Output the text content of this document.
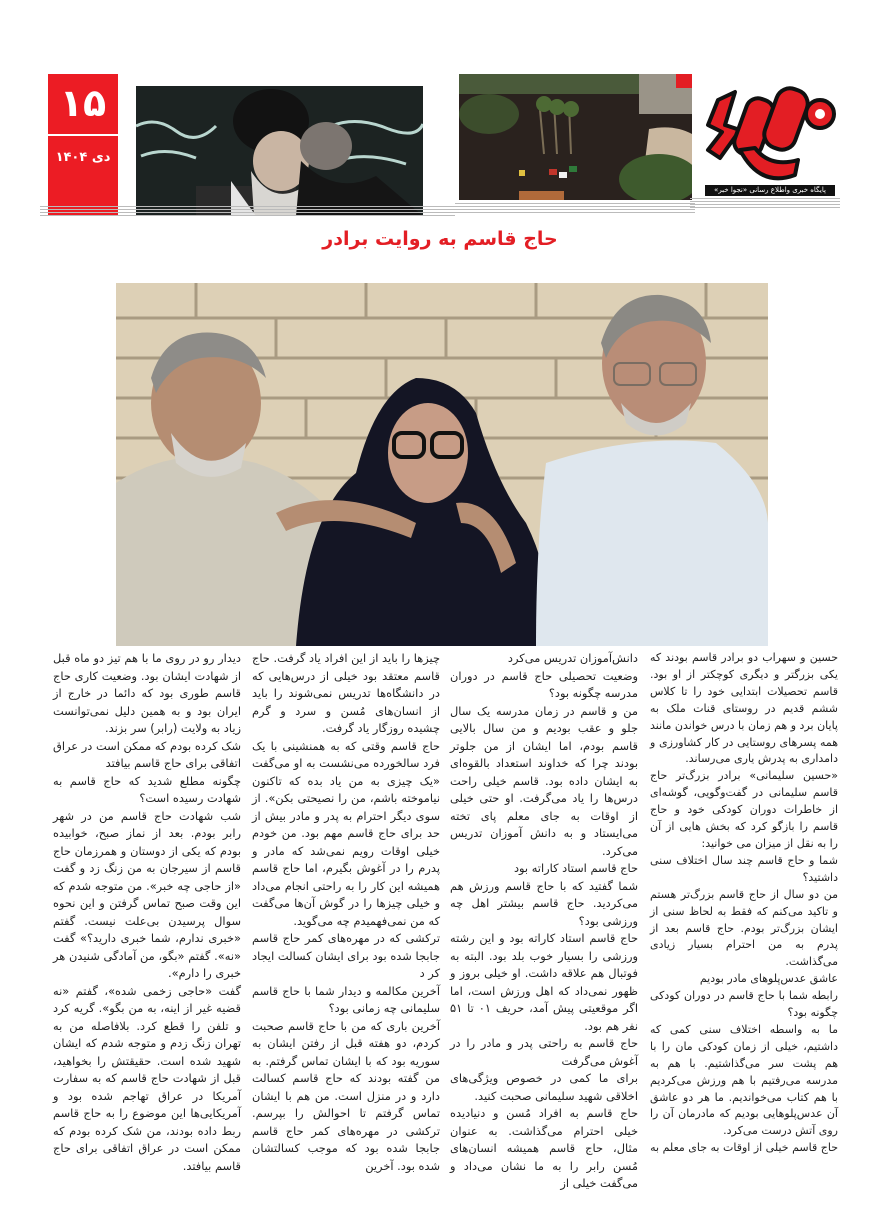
۱۵
دی ۱۴۰۴
پایگاه خبری واطلاع رسانی «نجوا خبر»
حاج قاسم به روایت برادر

حسین و سهراب دو برادر قاسم بودند که یکی بزرگتر و دیگری کوچکتر از او بود. قاسم تحصیلات ابتدایی خود را تا کلاس ششم قدیم در روستای قنات ملک به پایان برد و هم زمان با درس خواندن مانند همه پسرهای روستایی در کار کشاورزی و دامداری به پدرش یاری می‌رساند.

«حسین سلیمانی» برادر بزرگ‌تر حاج قاسم سلیمانی در گفت‌وگویی، گوشه‌ای از خاطرات دوران کودکی خود و حاج قاسم را بازگو کرد که بخش هایی از آن را به نقل از میزان می خوانید:

شما و حاج قاسم چند سال اختلاف سنی داشتید؟

من دو سال از حاج قاسم بزرگ‌تر هستم و تاکید می‌کنم که فقط به لحاظ سنی از ایشان بزرگ‌تر بودم. حاج قاسم بعد از پدرم به من احترام بسیار زیادی می‌گذاشت.

عاشق عدس‌پلوهای مادر بودیم

رابطه شما با حاج قاسم در دوران کودکی چگونه بود؟

ما به واسطه اختلاف سنی کمی که داشتیم، خیلی از زمان کودکی مان را با هم پشت سر می‌گذاشتیم. با هم به مدرسه می‌رفتیم با هم ورزش می‌کردیم با هم کتاب می‌خواندیم. ما هر دو عاشق آن عدس‌پلوهایی بودیم که مادرمان آن را روی آتش درست می‌کرد.

حاج قاسم خیلی از اوقات به جای معلم به

دانش‌آموزان تدریس می‌کرد

وضعیت تحصیلی حاج قاسم در دوران مدرسه چگونه بود؟

من و قاسم در زمان مدرسه یک سال جلو و عقب بودیم و من سال بالایی قاسم بودم، اما ایشان از من جلوتر بودند چرا که خداوند استعداد بالقوه‌ای به ایشان داده بود. قاسم خیلی راحت درس‌ها را یاد می‌گرفت. او حتی خیلی از اوقات به جای معلم پای تخته می‌ایستاد و به دانش آموزان تدریس می‌کرد.

حاج قاسم استاد کاراته بود

شما گفتید که با حاج قاسم ورزش هم می‌کردید. حاج قاسم بیشتر اهل چه ورزشی بود؟

حاج قاسم استاد کاراته بود و این رشته ورزشی را بسیار خوب بلد بود. البته به فوتبال هم علاقه داشت. او خیلی بروز و ظهور نمی‌داد که اهل ورزش است، اما اگر موقعیتی پیش آمد، حریف ۰۱ تا ۵۱ نفر هم بود.

حاج قاسم به راحتی پدر و مادر را در آغوش می‌گرفت

برای ما کمی در خصوص ویژگی‌های اخلاقی شهید سلیمانی صحبت کنید.

حاج قاسم به افراد مُسن و دنیادیده خیلی احترام می‌گذاشت. به عنوان مثال، حاج قاسم همیشه انسان‌های مُسن رابر را به ما نشان می‌داد و می‌گفت خیلی از

چیزها را باید از این افراد یاد گرفت. حاج قاسم معتقد بود خیلی از درس‌هایی که در دانشگاه‌ها تدریس نمی‌شوند را باید از انسان‌های مُسن و سرد و گرم چشیده روزگار یاد گرفت.

حاج قاسم وقتی که به همنشینی با یک فرد سالخورده می‌نشست به او می‌گفت «یک چیزی به من یاد بده که تاکنون نیاموخته باشم، من را نصیحتی بکن». از سوی دیگر احترام به پدر و مادر بیش از حد برای حاج قاسم مهم بود. من خودم خیلی اوقات رویم نمی‌شد که مادر و پدرم را در آغوش بگیرم، اما حاج قاسم همیشه این کار را به راحتی انجام می‌داد و خیلی چیزها را در گوش آن‌ها می‌گفت که من نمی‌فهمیدم چه می‌گوید.

ترکشی که در مهره‌های کمر حاج قاسم جابجا شده بود برای ایشان کسالت ایجاد کر د

آخرین مکالمه و دیدار شما با حاج قاسم سلیمانی چه زمانی بود؟

آخرین باری که من با حاج قاسم صحبت کردم، دو هفته قبل از رفتن ایشان به سوریه بود که با ایشان تماس گرفتم. به من گفته بودند که حاج قاسم کسالت دارد و در منزل است. من هم با ایشان تماس گرفتم تا احوالش را بپرسم. ترکشی در مهره‌های کمر حاج قاسم جابجا شده بود که موجب کسالتشان شده بود. آخرین

دیدار رو در روی ما با هم تیز دو ماه قبل از شهادت ایشان بود. وضعیت کاری حاج قاسم طوری بود که دائما در خارج از ایران بود و به همین دلیل نمی‌توانست زیاد به ولایت (رابر) سر بزند.

شک کرده بودم که ممکن است در عراق اتفاقی برای حاج قاسم بیافتد

چگونه مطلع شدید که حاج قاسم به شهادت رسیده است؟

شب شهادت حاج قاسم من در شهر رابر بودم. بعد از نماز صبح، خوابیده بودم که یکی از دوستان و همرزمان حاج قاسم از سیرجان به من زنگ زد و گفت «از حاجی چه خبر». من متوجه شدم که این وقت صبح تماس گرفتن و این نحوه سوال پرسیدن بی‌علت نیست. گفتم «خبری ندارم، شما خبری دارید؟» گفت «نه». گفتم «بگو، من آمادگی شنیدن هر خبری را دارم».

گفت «حاجی زخمی شده»، گفتم «نه قضیه غیر از اینه، به من بگو». گریه کرد و تلفن را قطع کرد. بلافاصله من به تهران زنگ زدم و متوجه شدم که ایشان شهید شده است. حقیقتش را بخواهید، قبل از شهادت حاج قاسم که به سفارت آمریکا در عراق تهاجم شده بود و آمریکایی‌ها این موضوع را به حاج قاسم ربط داده بودند، من شک کرده بودم که ممکن است در عراق اتفاقی برای حاج قاسم بیافتد.
